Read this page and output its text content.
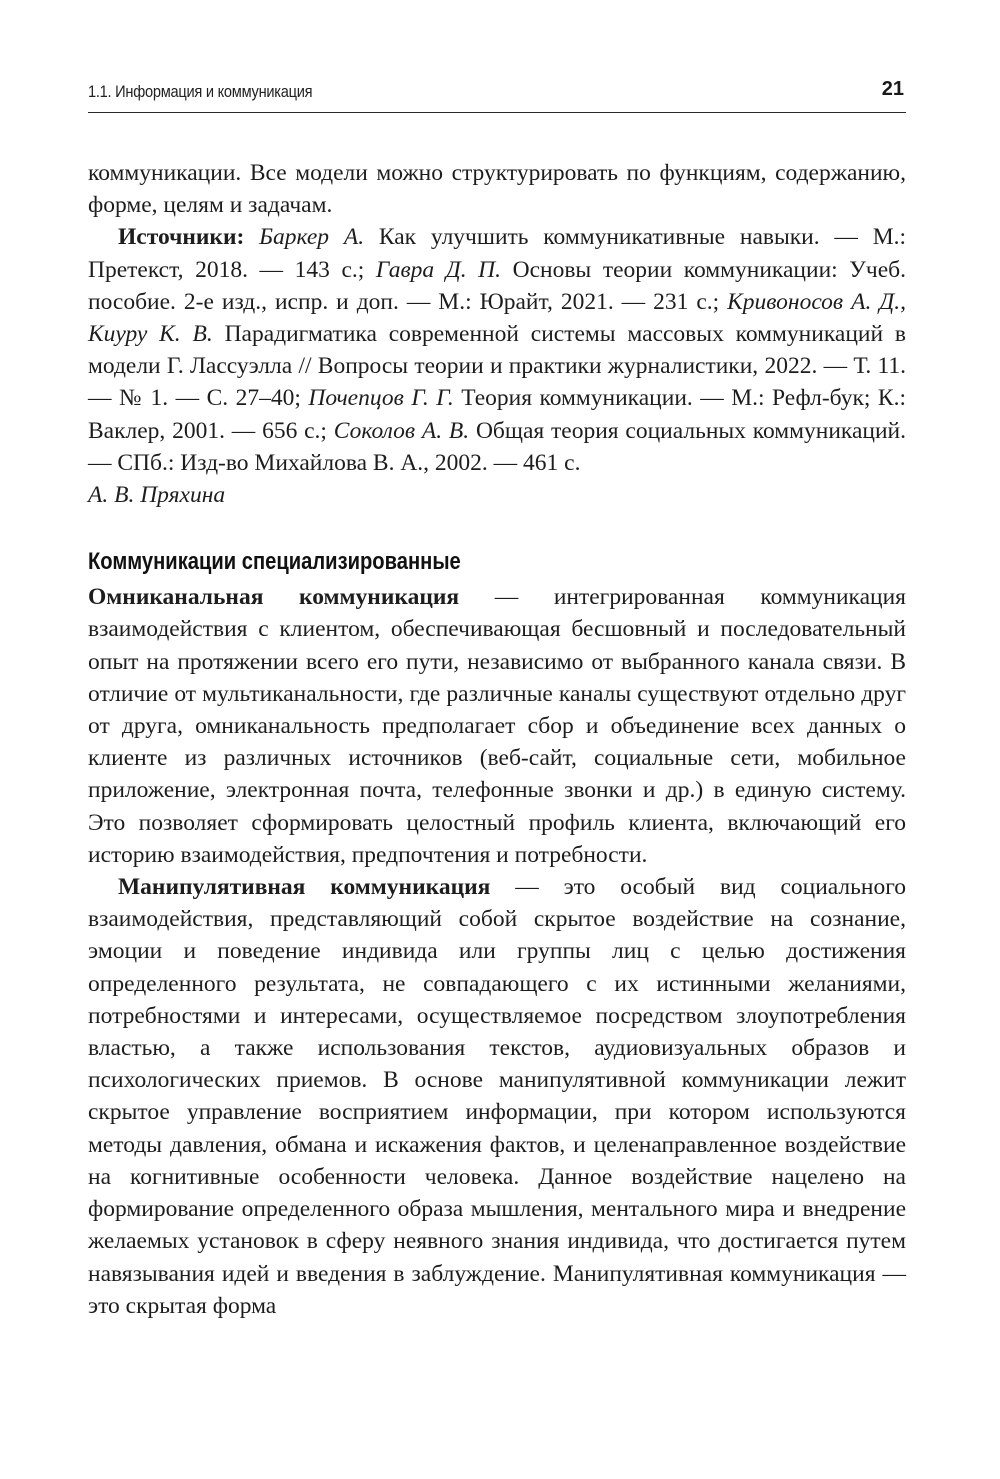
1.1. Информация и коммуникация	21

коммуникации. Все модели можно структурировать по функциям, содержанию, форме, целям и задачам.

Источники: Баркер А. Как улучшить коммуникативные навыки. — М.: Претекст, 2018. — 143 с.; Гавра Д. П. Основы теории коммуникации: Учеб. пособие. 2-е изд., испр. и доп. — М.: Юрайт, 2021. — 231 с.; Кривоносов А. Д., Киуру К. В. Парадигматика современной системы массовых коммуникаций в модели Г. Лассуэлла // Вопросы теории и практики журналистики, 2022. — Т. 11. — № 1. — С. 27–40; Почепцов Г. Г. Теория коммуникации. — М.: Рефл-бук; К.: Ваклер, 2001. — 656 с.; Соколов А. В. Общая теория социальных коммуникаций. — СПб.: Изд-во Михайлова В. А., 2002. — 461 с.

А. В. Пряхина

Коммуникации специализированные

Омниканальная коммуникация — интегрированная коммуникация взаимодействия с клиентом, обеспечивающая бесшовный и последовательный опыт на протяжении всего его пути, независимо от выбранного канала связи. В отличие от мультиканальности, где различные каналы существуют отдельно друг от друга, омниканальность предполагает сбор и объединение всех данных о клиенте из различных источников (веб-сайт, социальные сети, мобильное приложение, электронная почта, телефонные звонки и др.) в единую систему. Это позволяет сформировать целостный профиль клиента, включающий его историю взаимодействия, предпочтения и потребности.

Манипулятивная коммуникация — это особый вид социального взаимодействия, представляющий собой скрытое воздействие на сознание, эмоции и поведение индивида или группы лиц с целью достижения определенного результата, не совпадающего с их истинными желаниями, потребностями и интересами, осуществляемое посредством злоупотребления властью, а также использования текстов, аудиовизуальных образов и психологических приемов. В основе манипулятивной коммуникации лежит скрытое управление восприятием информации, при котором используются методы давления, обмана и искажения фактов, и целенаправленное воздействие на когнитивные особенности человека. Данное воздействие нацелено на формирование определенного образа мышления, ментального мира и внедрение желаемых установок в сферу неявного знания индивида, что достигается путем навязывания идей и введения в заблуждение. Манипулятивная коммуникация — это скрытая форма
